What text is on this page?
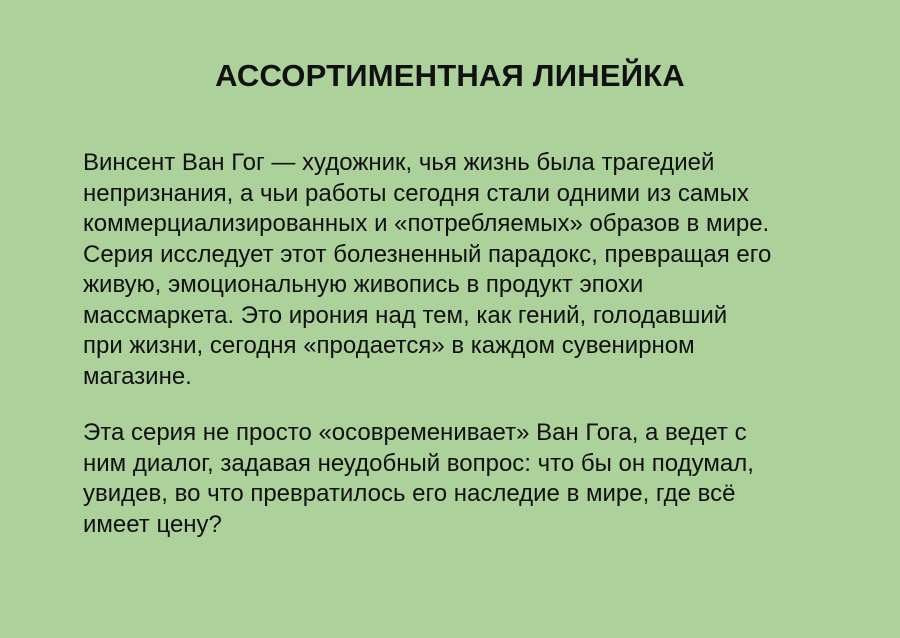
АССОРТИМЕНТНАЯ ЛИНЕЙКА

Винсент Ван Гог — художник, чья жизнь была трагедией
непризнания, а чьи работы сегодня стали одними из самых
коммерциализированных и «потребляемых» образов в мире.
Серия исследует этот болезненный парадокс, превращая его
живую, эмоциональную живопись в продукт эпохи
массмаркета. Это ирония над тем, как гений, голодавший
при жизни, сегодня «продается» в каждом сувенирном
магазине.

Эта серия не просто «осовременивает» Ван Гога, а ведет с
ним диалог, задавая неудобный вопрос: что бы он подумал,
увидев, во что превратилось его наследие в мире, где всё
имеет цену?
